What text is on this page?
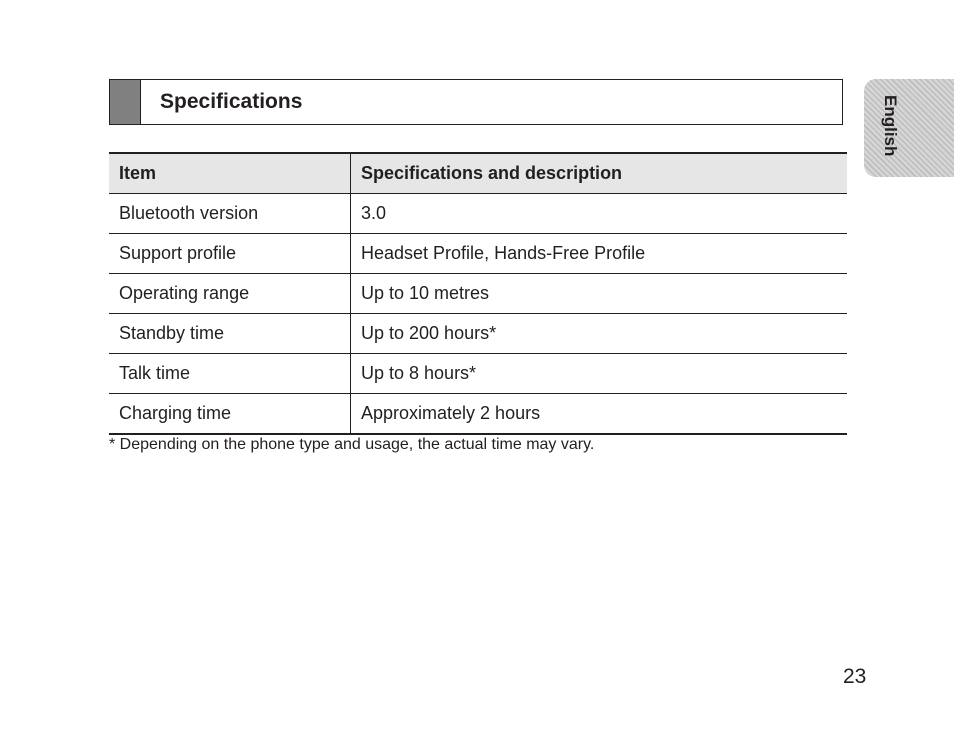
Specifications	English
Item	Specifications and description
Bluetooth version	3.0
Support profile	Headset Profile, Hands-Free Profile
Operating range	Up to 10 metres
Standby time	Up to 200 hours*
Talk time	Up to 8 hours*
Charging time	Approximately 2 hours
* Depending on the phone type and usage, the actual time may vary.
23
